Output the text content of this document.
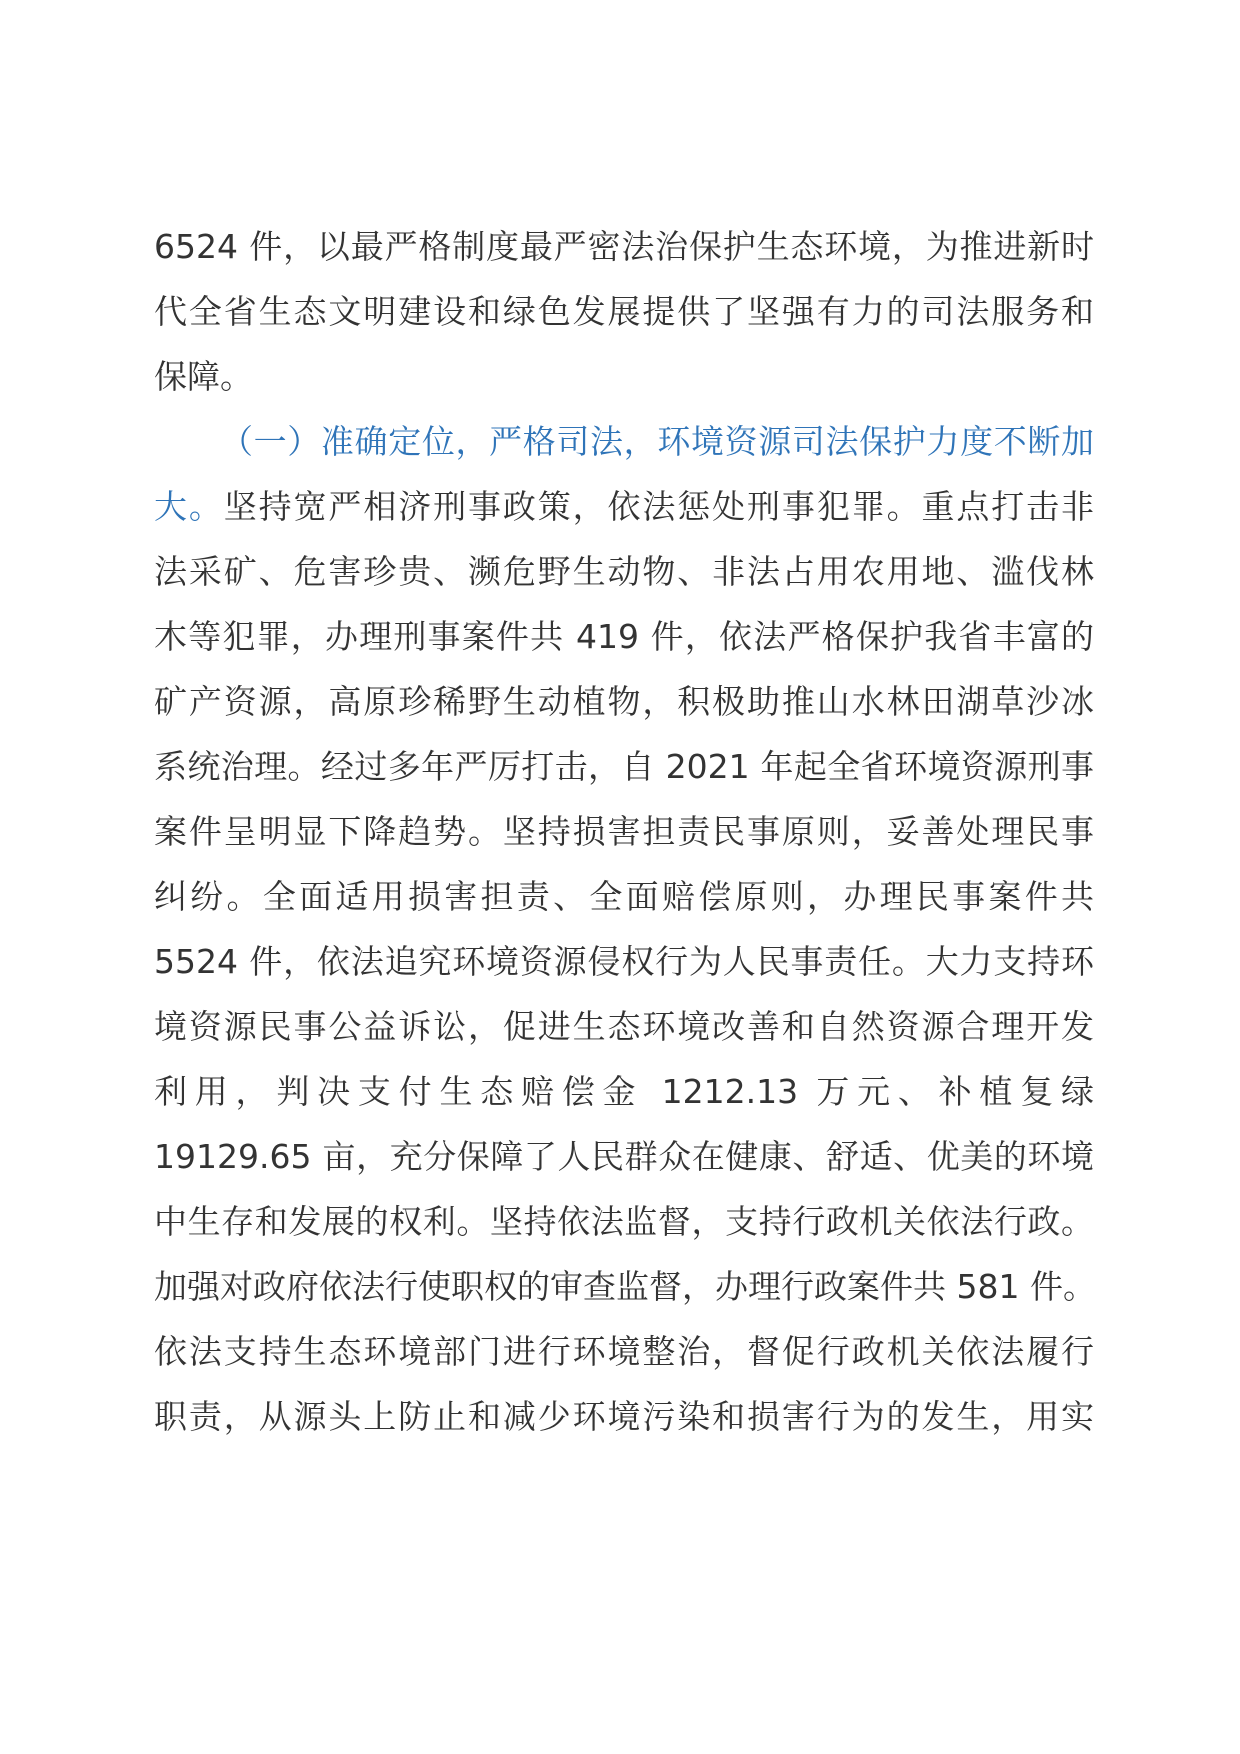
6524 件，以最严格制度最严密法治保护生态环境，为推进新时
代全省生态文明建设和绿色发展提供了坚强有力的司法服务和
保障。
（一）准确定位，严格司法，环境资源司法保护力度不断加
大。坚持宽严相济刑事政策，依法惩处刑事犯罪。重点打击非
法采矿、危害珍贵、濒危野生动物、非法占用农用地、滥伐林
木等犯罪，办理刑事案件共 419 件，依法严格保护我省丰富的
矿产资源，高原珍稀野生动植物，积极助推山水林田湖草沙冰
系统治理。经过多年严厉打击，自 2021 年起全省环境资源刑事
案件呈明显下降趋势。坚持损害担责民事原则，妥善处理民事
纠纷。全面适用损害担责、全面赔偿原则，办理民事案件共
5524 件，依法追究环境资源侵权行为人民事责任。大力支持环
境资源民事公益诉讼，促进生态环境改善和自然资源合理开发
利用，判决支付生态赔偿金 1212.13 万元、补植复绿
19129.65 亩，充分保障了人民群众在健康、舒适、优美的环境
中生存和发展的权利。坚持依法监督，支持行政机关依法行政。
加强对政府依法行使职权的审查监督，办理行政案件共 581 件。
依法支持生态环境部门进行环境整治，督促行政机关依法履行
职责，从源头上防止和减少环境污染和损害行为的发生，用实
